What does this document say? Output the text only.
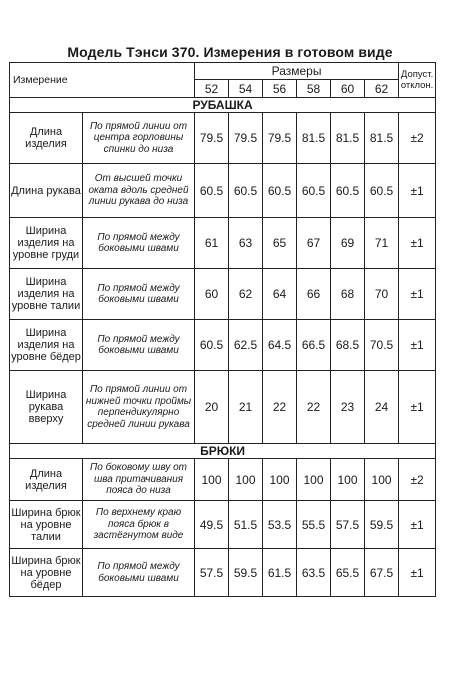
Модель Тэнси 370. Измерения в готовом виде
Измерение		Размеры						Допуст. отклон.
		52	54	56	58	60	62	
РУБАШКА								
Длина изделия	По прямой линии от центра горловины спинки до низа	79.5	79.5	79.5	81.5	81.5	81.5	±2
Длина рукава	От высшей точки оката вдоль средней линии рукава до низа	60.5	60.5	60.5	60.5	60.5	60.5	±1
Ширина изделия на уровне груди	По прямой между боковыми швами	61	63	65	67	69	71	±1
Ширина изделия на уровне талии	По прямой между боковыми швами	60	62	64	66	68	70	±1
Ширина изделия на уровне бёдер	По прямой между боковыми швами	60.5	62.5	64.5	66.5	68.5	70.5	±1
Ширина рукава вверху	По прямой линии от нижней точки проймы перпендикулярно средней линии рукава	20	21	22	22	23	24	±1
БРЮКИ								
Длина изделия	По боковому шву от шва притачивания пояса до низа	100	100	100	100	100	100	±2
Ширина брюк на уровне талии	По верхнему краю пояса брюк в застёгнутом виде	49.5	51.5	53.5	55.5	57.5	59.5	±1
Ширина брюк на уровне бёдер	По прямой между боковыми швами	57.5	59.5	61.5	63.5	65.5	67.5	±1
